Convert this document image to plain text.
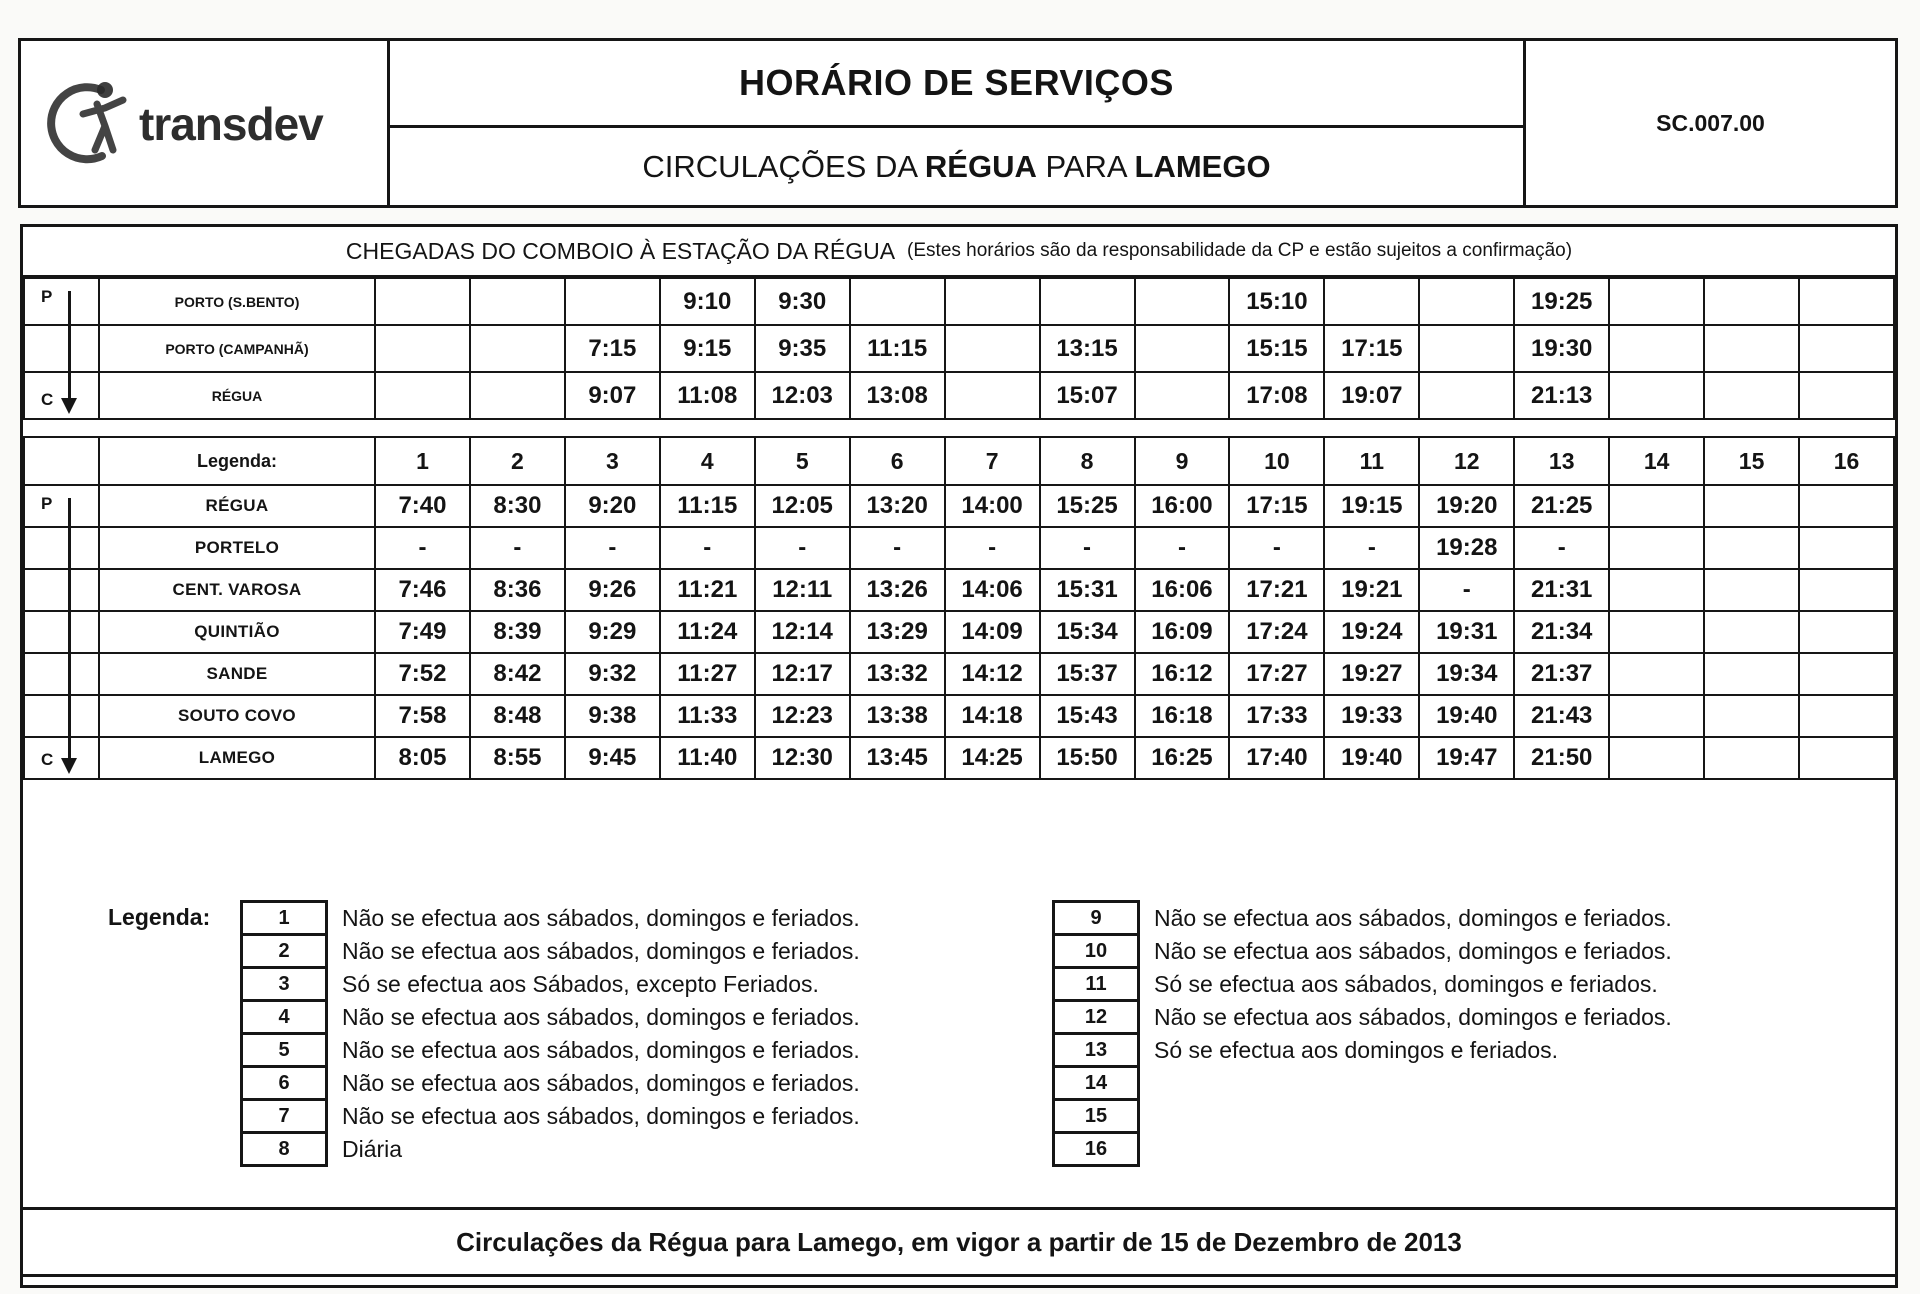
transdev
HORÁRIO DE SERVIÇOS
CIRCULAÇÕES DA RÉGUA PARA LAMEGO
SC.007.00
CHEGADAS DO COMBOIO À ESTAÇÃO DA RÉGUA (Estes horários são da responsabilidade da CP e estão sujeitos a confirmação)
	PORTO (S.BENTO)				9:10	9:30					15:10			19:25			
	PORTO (CAMPANHÃ)			7:15	9:15	9:35	11:15		13:15		15:15	17:15		19:30			
	RÉGUA			9:07	11:08	12:03	13:08		15:07		17:08	19:07		21:13			
P
C
	Legenda:	1	2	3	4	5	6	7	8	9	10	11	12	13	14	15	16
	RÉGUA	7:40	8:30	9:20	11:15	12:05	13:20	14:00	15:25	16:00	17:15	19:15	19:20	21:25			
	PORTELO	-	-	-	-	-	-	-	-	-	-	-	19:28	-			
	CENT. VAROSA	7:46	8:36	9:26	11:21	12:11	13:26	14:06	15:31	16:06	17:21	19:21	-	21:31			
	QUINTIÃO	7:49	8:39	9:29	11:24	12:14	13:29	14:09	15:34	16:09	17:24	19:24	19:31	21:34			
	SANDE	7:52	8:42	9:32	11:27	12:17	13:32	14:12	15:37	16:12	17:27	19:27	19:34	21:37			
	SOUTO COVO	7:58	8:48	9:38	11:33	12:23	13:38	14:18	15:43	16:18	17:33	19:33	19:40	21:43			
	LAMEGO	8:05	8:55	9:45	11:40	12:30	13:45	14:25	15:50	16:25	17:40	19:40	19:47	21:50			
P
C
Legenda:	1	Não se efectua aos sábados, domingos e feriados.
2	Não se efectua aos sábados, domingos e feriados.
3	Só se efectua aos Sábados, excepto Feriados.
4	Não se efectua aos sábados, domingos e feriados.
5	Não se efectua aos sábados, domingos e feriados.
6	Não se efectua aos sábados, domingos e feriados.
7	Não se efectua aos sábados, domingos e feriados.
8	Diária
9	Não se efectua aos sábados, domingos e feriados.
10	Não se efectua aos sábados, domingos e feriados.
11	Só se efectua aos sábados, domingos e feriados.
12	Não se efectua aos sábados, domingos e feriados.
13	Só se efectua aos domingos e feriados.
14
15
16
Circulações da Régua para Lamego, em vigor a partir de 15 de Dezembro de 2013
